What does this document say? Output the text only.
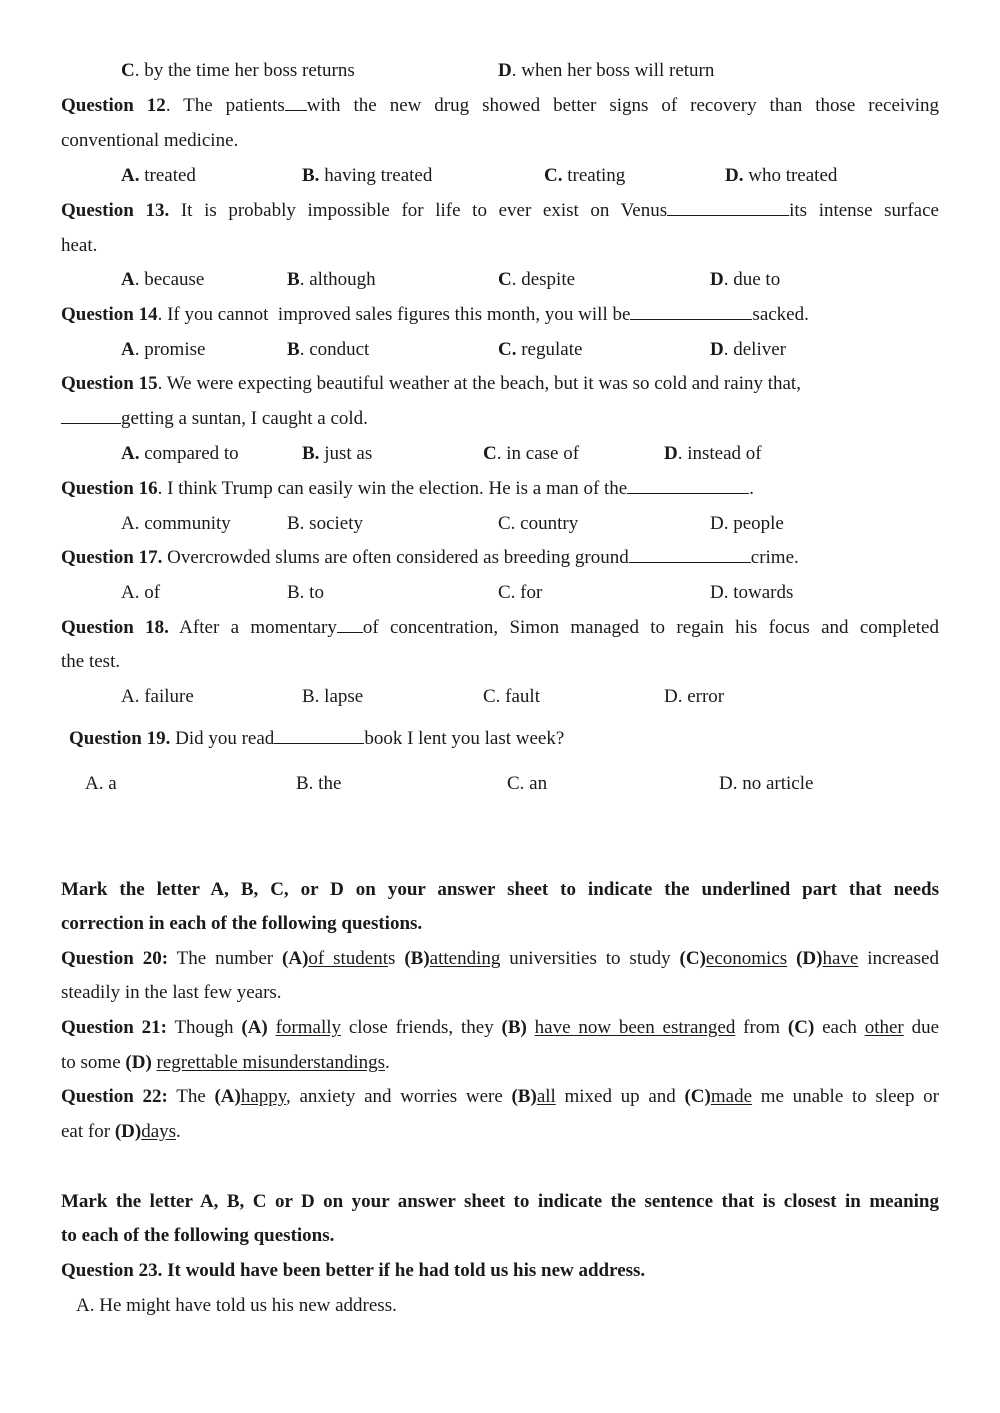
C. by the time her boss returns	D. when her boss will return
Question 12. The patients with the new drug showed better signs of recovery than those receiving
conventional medicine.
A. treated	B. having treated	C. treating	D. who treated
Question 13. It is probably impossible for life to ever exist on Venus	its intense surface
heat.
A. because	B. although	C. despite	D. due to
Question 14. If you cannot improved sales figures this month, you will be	sacked.
A. promise	B. conduct	C. regulate	D. deliver
Question 15. We were expecting beautiful weather at the beach, but it was so cold and rainy that,
getting a suntan, I caught a cold.
A. compared to	B. just as	C. in case of	D. instead of
Question 16. I think Trump can easily win the election. He is a man of the	.
A. community	B. society	C. country	D. people
Question 17. Overcrowded slums are often considered as breeding ground	crime.
A. of	B. to	C. for	D. towards
Question 18. After a momentary of concentration, Simon managed to regain his focus and completed
the test.
A. failure	B. lapse	C. fault	D. error
Question 19. Did you read	book I lent you last week?
A. a	B. the	C. an	D. no article
Mark the letter A, B, C, or D on your answer sheet to indicate the underlined part that needs
correction in each of the following questions.
Question 20: The number (A)of students (B)attending universities to study (C)economics (D)have increased
steadily in the last few years.
Question 21: Though (A) formally close friends, they (B) have now been estranged from (C) each other due
to some (D) regrettable misunderstandings.
Question 22: The (A)happy, anxiety and worries were (B)all mixed up and (C)made me unable to sleep or
eat for (D)days.
Mark the letter A, B, C or D on your answer sheet to indicate the sentence that is closest in meaning
to each of the following questions.
Question 23. It would have been better if he had told us his new address.
A. He might have told us his new address.
